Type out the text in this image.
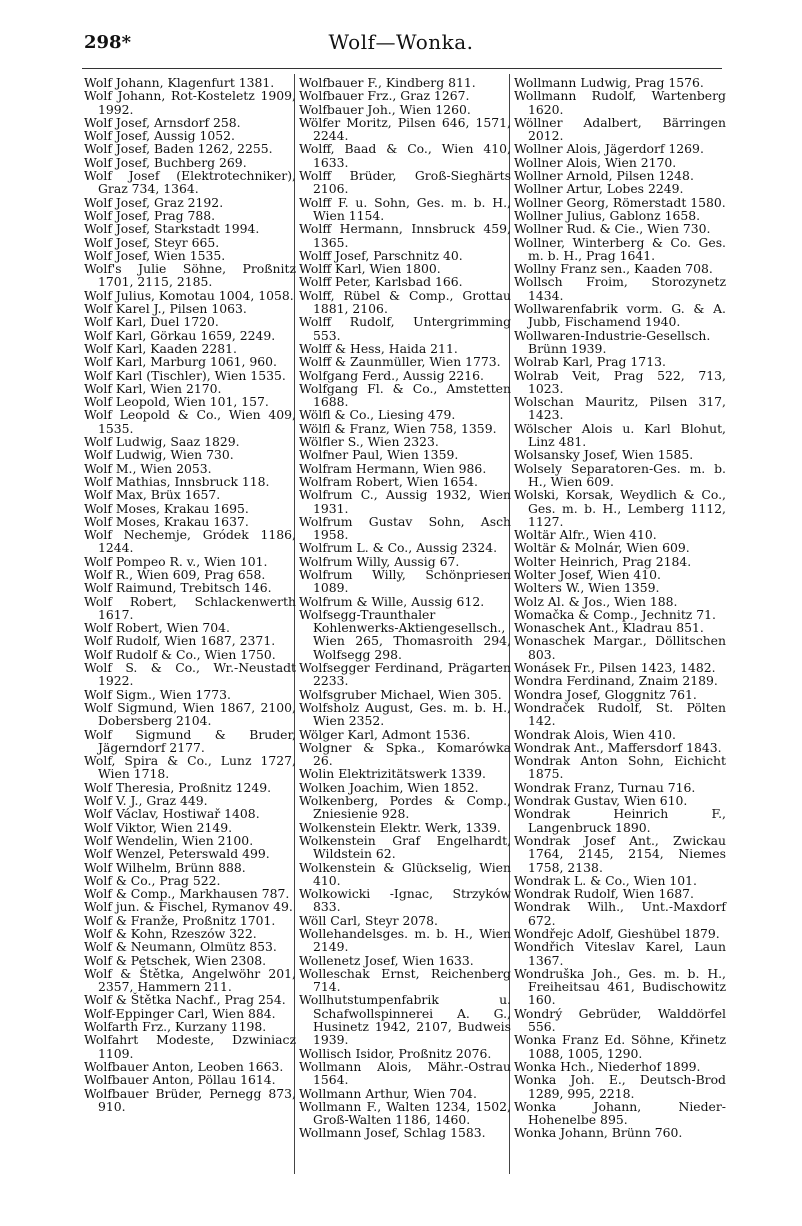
298*	Wolf—Wonka.

Wolf Johann, Klagenfurt 1381.

Wolf Johann, Rot-Kosteletz 1909, 1992.

Wolf Josef, Arnsdorf 258.

Wolf Josef, Aussig 1052.

Wolf Josef, Baden 1262, 2255.

Wolf Josef, Buchberg 269.

Wolf Josef (Elektrotechniker), Graz 734, 1364.

Wolf Josef, Graz 2192.

Wolf Josef, Prag 788.

Wolf Josef, Starkstadt 1994.

Wolf Josef, Steyr 665.

Wolf Josef, Wien 1535.

Wolf's Julie Söhne, Proßnitz 1701, 2115, 2185.

Wolf Julius, Komotau 1004, 1058.

Wolf Karel J., Pilsen 1063.

Wolf Karl, Duel 1720.

Wolf Karl, Görkau 1659, 2249.

Wolf Karl, Kaaden 2281.

Wolf Karl, Marburg 1061, 960.

Wolf Karl (Tischler), Wien 1535.

Wolf Karl, Wien 2170.

Wolf Leopold, Wien 101, 157.

Wolf Leopold & Co., Wien 409, 1535.

Wolf Ludwig, Saaz 1829.

Wolf Ludwig, Wien 730.

Wolf M., Wien 2053.

Wolf Mathias, Innsbruck 118.

Wolf Max, Brüx 1657.

Wolf Moses, Krakau 1695.

Wolf Moses, Krakau 1637.

Wolf Nechemje, Gródek 1186, 1244.

Wolf Pompeo R. v., Wien 101.

Wolf R., Wien 609, Prag 658.

Wolf Raimund, Trebitsch 146.

Wolf Robert, Schlackenwerth 1617.

Wolf Robert, Wien 704.

Wolf Rudolf, Wien 1687, 2371.

Wolf Rudolf & Co., Wien 1750.

Wolf S. & Co., Wr.-Neustadt 1922.

Wolf Sigm., Wien 1773.

Wolf Sigmund, Wien 1867, 2100, Dobersberg 2104.

Wolf Sigmund & Bruder, Jägerndorf 2177.

Wolf, Spira & Co., Lunz 1727, Wien 1718.

Wolf Theresia, Proßnitz 1249.

Wolf V. J., Graz 449.

Wolf Václav, Hostiwař 1408.

Wolf Viktor, Wien 2149.

Wolf Wendelin, Wien 2100.

Wolf Wenzel, Peterswald 499.

Wolf Wilhelm, Brünn 888.

Wolf & Co., Prag 522.

Wolf & Comp., Markhausen 787.

Wolf jun. & Fischel, Rymanov 49.

Wolf & Franže, Proßnitz 1701.

Wolf & Kohn, Rzeszów 322.

Wolf & Neumann, Olmütz 853.

Wolf & Petschek, Wien 2308.

Wolf & Štětka, Angelwöhr 201, 2357, Hammern 211.

Wolf & Štětka Nachf., Prag 254.

Wolf-Eppinger Carl, Wien 884.

Wolfarth Frz., Kurzany 1198.

Wolfahrt Modeste, Dzwiniacz 1109.

Wolfbauer Anton, Leoben 1663.

Wolfbauer Anton, Pöllau 1614.

Wolfbauer Brüder, Pernegg 873, 910.

Wolfbauer F., Kindberg 811.

Wolfbauer Frz., Graz 1267.

Wolfbauer Joh., Wien 1260.

Wölfer Moritz, Pilsen 646, 1571, 2244.

Wolff, Baad & Co., Wien 410, 1633.

Wolff Brüder, Groß-Sieghärts 2106.

Wolff F. u. Sohn, Ges. m. b. H., Wien 1154.

Wolff Hermann, Innsbruck 459, 1365.

Wolff Josef, Parschnitz 40.

Wolff Karl, Wien 1800.

Wolff Peter, Karlsbad 166.

Wolff, Rübel & Comp., Grottau 1881, 2106.

Wolff Rudolf, Untergrimming 553.

Wolff & Hess, Haida 211.

Wolff & Zaunmüller, Wien 1773.

Wolfgang Ferd., Aussig 2216.

Wolfgang Fl. & Co., Amstetten 1688.

Wölfl & Co., Liesing 479.

Wölfl & Franz, Wien 758, 1359.

Wölfler S., Wien 2323.

Wolfner Paul, Wien 1359.

Wolfram Hermann, Wien 986.

Wolfram Robert, Wien 1654.

Wolfrum C., Aussig 1932, Wien 1931.

Wolfrum Gustav Sohn, Asch 1958.

Wolfrum L. & Co., Aussig 2324.

Wolfrum Willy, Aussig 67.

Wolfrum Willy, Schönpriesen 1089.

Wolfrum & Wille, Aussig 612.

Wolfsegg-Traunthaler Kohlenwerks-Aktiengesellsch., Wien 265, Thomasroith 294, Wolfsegg 298.

Wolfsegger Ferdinand, Prägarten 2233.

Wolfsgruber Michael, Wien 305.

Wolfsholz August, Ges. m. b. H., Wien 2352.

Wölger Karl, Admont 1536.

Wolgner & Spka., Komarówka 26.

Wolin Elektrizitätswerk 1339.

Wolken Joachim, Wien 1852.

Wolkenberg, Pordes & Comp., Zniesienie 928.

Wolkenstein Elektr. Werk, 1339.

Wolkenstein Graf Engelhardt, Wildstein 62.

Wolkenstein & Glückselig, Wien 410.

Wolkowicki -Ignac, Strzyków 833.

Wöll Carl, Steyr 2078.

Wollehandelsges. m. b. H., Wien 2149.

Wollenetz Josef, Wien 1633.

Wolleschak Ernst, Reichenberg 714.

Wollhutstumpenfabrik u. Schafwollspinnerei A. G., Husinetz 1942, 2107, Budweis 1939.

Wollisch Isidor, Proßnitz 2076.

Wollmann Alois, Mähr.-Ostrau 1564.

Wollmann Arthur, Wien 704.

Wollmann F., Walten 1234, 1502, Groß-Walten 1186, 1460.

Wollmann Josef, Schlag 1583.

Wollmann Ludwig, Prag 1576.

Wollmann Rudolf, Wartenberg 1620.

Wöllner Adalbert, Bärringen 2012.

Wollner Alois, Jägerdorf 1269.

Wollner Alois, Wien 2170.

Wollner Arnold, Pilsen 1248.

Wollner Artur, Lobes 2249.

Wollner Georg, Römerstadt 1580.

Wollner Julius, Gablonz 1658.

Wollner Rud. & Cie., Wien 730.

Wollner, Winterberg & Co. Ges. m. b. H., Prag 1641.

Wollny Franz sen., Kaaden 708.

Wollsch Froim, Storozynetz 1434.

Wollwarenfabrik vorm. G. & A. Jubb, Fischamend 1940.

Wollwaren-Industrie-Gesellsch. Brünn 1939.

Wolrab Karl, Prag 1713.

Wolrab Veit, Prag 522, 713, 1023.

Wolschan Mauritz, Pilsen 317, 1423.

Wölscher Alois u. Karl Blohut, Linz 481.

Wolsansky Josef, Wien 1585.

Wolsely Separatoren-Ges. m. b. H., Wien 609.

Wolski, Korsak, Weydlich & Co., Ges. m. b. H., Lemberg 1112, 1127.

Woltär Alfr., Wien 410.

Woltär & Molnár, Wien 609.

Wolter Heinrich, Prag 2184.

Wolter Josef, Wien 410.

Wolters W., Wien 1359.

Wolz Al. & Jos., Wien 188.

Womačka & Comp., Jechnitz 71.

Wonaschek Ant., Kladrau 851.

Wonaschek Margar., Döllitschen 803.

Wonásek Fr., Pilsen 1423, 1482.

Wondra Ferdinand, Znaim 2189.

Wondra Josef, Gloggnitz 761.

Wondraček Rudolf, St. Pölten 142.

Wondrak Alois, Wien 410.

Wondrak Ant., Maffersdorf 1843.

Wondrak Anton Sohn, Eichicht 1875.

Wondrak Franz, Turnau 716.

Wondrak Gustav, Wien 610.

Wondrak Heinrich F., Langenbruck 1890.

Wondrak Josef Ant., Zwickau 1764, 2145, 2154, Niemes 1758, 2138.

Wondrak L. & Co., Wien 101.

Wondrak Rudolf, Wien 1687.

Wondrak Wilh., Unt.-Maxdorf 672.

Wondřejc Adolf, Gieshübel 1879.

Wondřich Viteslav Karel, Laun 1367.

Wondruška Joh., Ges. m. b. H., Freiheitsau 461, Budischowitz 160.

Wondrý Gebrüder, Walddörfel 556.

Wonka Franz Ed. Söhne, Křinetz 1088, 1005, 1290.

Wonka Hch., Niederhof 1899.

Wonka Joh. E., Deutsch-Brod 1289, 995, 2218.

Wonka Johann, Nieder-Hohenelbe 895.

Wonka Johann, Brünn 760.
